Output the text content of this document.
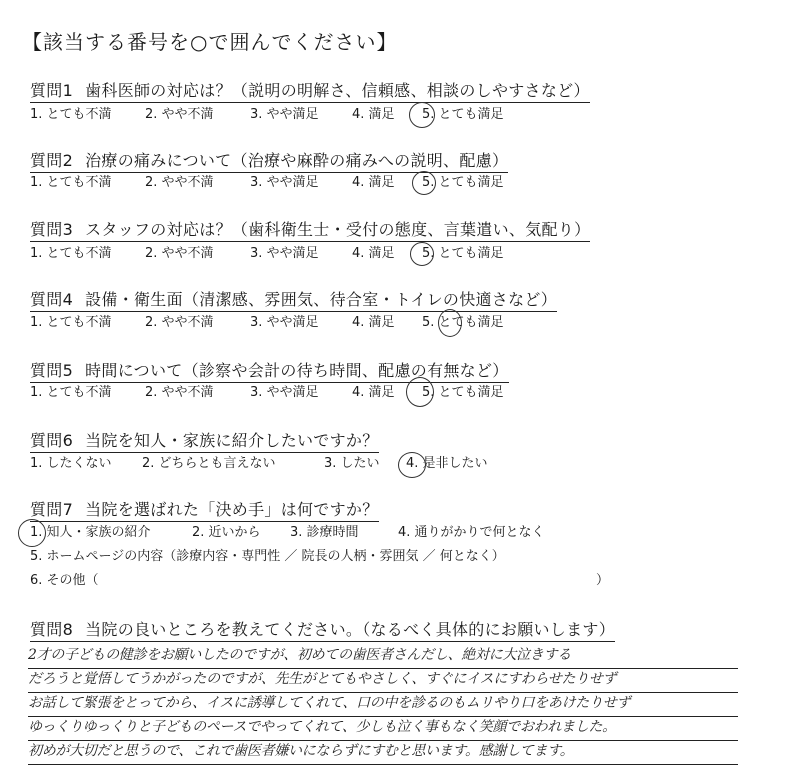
【該当する番号を○で囲んでください】
質問1 歯科医師の対応は？（説明の明解さ、信頼感、相談のしやすさなど）
1. とても不満	2. やや不満	3. やや満足	4. 満足 5. とても満足
質問2 治療の痛みについて（治療や麻酔の痛みへの説明、配慮）
1. とても不満	2. やや不満	3. やや満足	4. 満足 5. とても満足
質問3 スタッフの対応は？（歯科衛生士・受付の態度、言葉遣い、気配り）
1. とても不満	2. やや不満	3. やや満足	4. 満足 5. とても満足
質問4 設備・衛生面（清潔感、雰囲気、待合室・トイレの快適さなど）
1. とても不満	2. やや不満	3. やや満足	4. 満足 5. とても満足
質問5 時間について（診察や会計の待ち時間、配慮の有無など）
1. とても不満	2. やや不満	3. やや満足	4. 満足 5. とても満足
質問6 当院を知人・家族に紹介したいですか？
1. したくない 2. どちらとも言えない	3. したい 4. 是非したい
質問7 当院を選ばれた「決め手」は何ですか？
1. 知人・家族の紹介	2. 近いから 3. 診療時間	4. 通りがかりで何となく
5. ホームページの内容（診療内容・専門性 ／ 院長の人柄・雰囲気 ／ 何となく）
6. その他（	）
質問8 当院の良いところを教えてください。（なるべく具体的にお願いします）
2才の子どもの健診をお願いしたのですが、初めての歯医者さんだし、絶対に大泣きする
だろうと覚悟してうかがったのですが、先生がとてもやさしく、すぐにイスにすわらせたりせず
お話して緊張をとってから、イスに誘導してくれて、口の中を診るのもムリやり口をあけたりせず
ゆっくりゆっくりと子どものペースでやってくれて、少しも泣く事もなく笑顔でおわれました。
初めが大切だと思うので、これで歯医者嫌いにならずにすむと思います。感謝してます。
